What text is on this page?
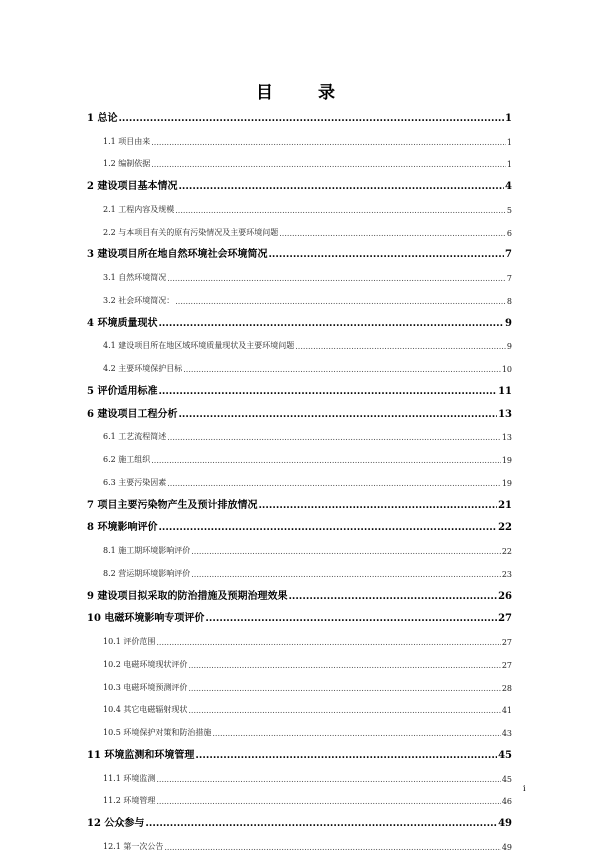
目　录
1 总论 .....	1
1.1 项目由来 .....	1
1.2 编制依据 .....	1
2 建设项目基本情况 .....	4
2.1 工程内容及规模 .....	5
2.2 与本项目有关的原有污染情况及主要环境问题 .....	6
3 建设项目所在地自然环境社会环境简况 .....	7
3.1 自然环境简况 .....	7
3.2 社会环境简况： .....	8
4 环境质量现状 .....	9
4.1 建设项目所在地区域环境质量现状及主要环境问题 .....	9
4.2 主要环境保护目标 .....	10
5 评价适用标准 .....	11
6 建设项目工程分析 .....	13
6.1 工艺流程简述 .....	13
6.2 施工组织 .....	19
6.3 主要污染因素 .....	19
7 项目主要污染物产生及预计排放情况 .....	21
8 环境影响评价 .....	22
8.1 施工期环境影响评价 .....	22
8.2 营运期环境影响评价 .....	23
9 建设项目拟采取的防治措施及预期治理效果 .....	26
10 电磁环境影响专项评价 .....	27
10.1 评价范围 .....	27
10.2 电磁环境现状评价 .....	27
10.3 电磁环境预测评价 .....	28
10.4 其它电磁辐射现状 .....	41
10.5 环境保护对策和防治措施 .....	43
11 环境监测和环境管理 .....	45
11.1 环境监测 .....	45
11.2 环境管理 .....	46
12 公众参与 .....	49
12.1 第一次公告 .....	49
i
